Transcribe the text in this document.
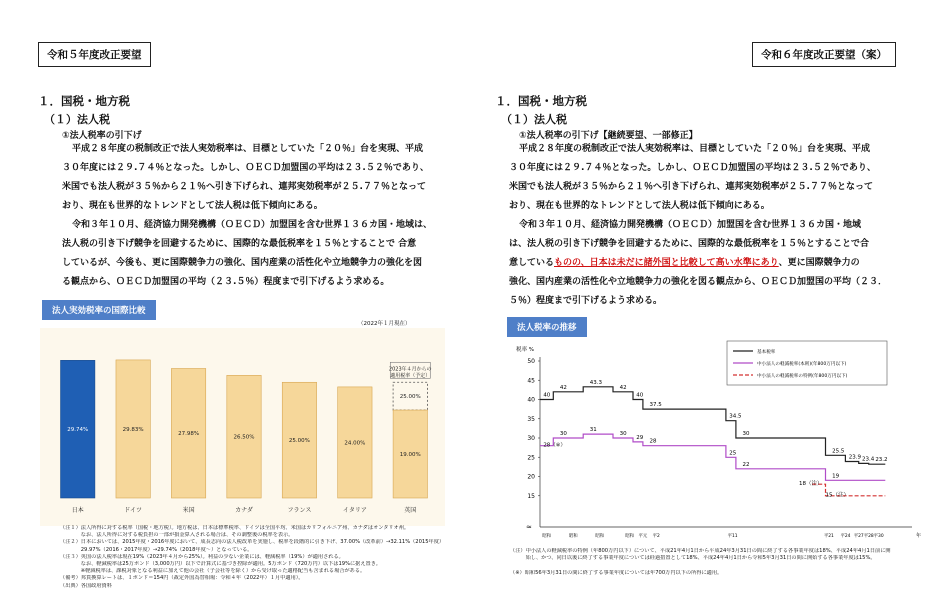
令和５年度改正要望
１．国税・地方税
（１）法人税
①法人税率の引下げ
平成２８年度の税制改正で法人実効税率は、目標としていた「２０％」台を実現、平成
３０年度には２９.７４％となった。しかし、ＯＥＣＤ加盟国の平均は２３.５２％であり、
米国でも法人税が３５％から２１％へ引き下げられ、連邦実効税率が２５.７７％となって
おり、現在も世界的なトレンドとして法人税は低下傾向にある。
令和３年１０月、経済協力開発機構（ＯＥＣＤ）加盟国を含む世界１３６カ国・地域は、
法人税の引き下げ競争を回避するために、国際的な最低税率を１５％とすることで 合意
しているが、今後も、更に国際競争力の強化、国内産業の活性化や立地競争力の強化を図
る観点から、ＯＥＣＤ加盟国の平均（２３.５％）程度まで引下げるよう求める。
法人実効税率の国際比較
（2022年１月現在）
29.74%
日本
29.83%
ドイツ
27.98%
米国
26.50%
カナダ
25.00%
フランス
24.00%
イタリア
25.00%
2023年４月からの適用税率（予定）
19.00%
英国
（注１）法人所得に対する税率（国税・地方税）。地方税は、日本は標準税率、ドイツは全国平均、米国はカリフォルニア州、カナダはオンタリオ州。
　　　　なお、法人所得に対する税負担の一部が損金算入される場合は、その調整後の税率を表示。
（注２）日本においては、2015年度・2016年度において、成長志向の法人税改革を実施し、税率を段階的に引き下げ、37.00%（改革前）→32.11%（2015年度）
　　　　29.97%（2016・2017年度）→29.74%（2018年度～）となっている。
（注３）英国の法人税率は現在19%（2023年４月から25%）。利益の少ない企業には、軽減税率（19%）が適用される。
　　　　なお、軽減税率は25万ポンド（3,000万円）以下で計算式に基づき控除が適用。5万ポンド（720万円）以下は19%に据え置き。
　　　　※軽減税率は、課税対象となる利益に加えて他の会社（子会社等を除く）から受け取った適格配当も含まれる場合がある。
（備考）邦貨換算レートは、１ポンド＝154円（裁定外国為替相場：令和４年（2022年）１月中適用）。
（出典）各国政府資料
令和６年度改正要望（案）
１．国税・地方税
（１）法人税
①法人税率の引下げ【継続要望、一部修正】
平成２８年度の税制改正で法人実効税率は、目標としていた「２０％」台を実現、平成
３０年度には２９.７４％となった。しかし、ＯＥＣＤ加盟国の平均は２３.５２％であり、
米国でも法人税が３５％から２１％へ引き下げられ、連邦実効税率が２５.７７％となって
おり、現在も世界的なトレンドとして法人税は低下傾向にある。
令和３年１０月、経済協力開発機構（ＯＥＣＤ）加盟国を含む世界１３６カ国・地域
は、法人税の引き下げ競争を回避するために、国際的な最低税率を１５％とすることで合
意しているものの、日本は未だに諸外国と比較して高い水準にあり、更に国際競争力の
強化、国内産業の活性化や立地競争力の強化を図る観点から、ＯＥＣＤ加盟国の平均（２３．
５％）程度まで引下げるよう求める。
法人税率の推移
税率 %
15
20
25
30
35
40
45
50
≈
昭和	昭和	昭和	昭和 平元 平2	平11	平21 平24 平27 平28 平30	年
基本税率
中小法人の軽減税率(本則)(年800万円以下)
中小法人の軽減税率の特例(年800万円以下)
40
42
43.3
42
40
37.5
34.5
30
25.5
23.9 23.4 23.2
28（※）
30
31
30
29
28
25
22
19
18（注）
15（注）
（注）中小法人の軽減税率の特例（年800万円以下）について、平成21年4月1日から平成24年3月31日の間に終了する各事業年度は18%、平成24年4月1日前に開
　　　始し、かつ、同日以後に終了する事業年度については経過措置として18%、平成24年4月1日から令和5年3月31日の間に開始する各事業年度は15%。

（※）昭和56年3月31日の間に終了する事業年度については年700万円以下の所得に適用。
